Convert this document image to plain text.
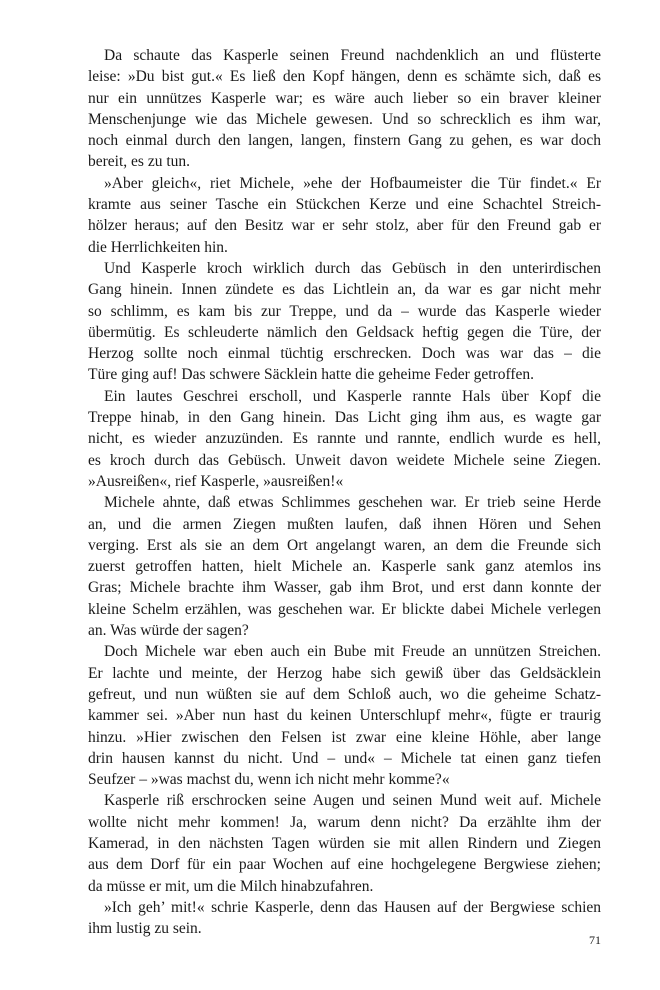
Da schaute das Kasperle seinen Freund nachdenklich an und flüsterte
leise: »Du bist gut.« Es ließ den Kopf hängen, denn es schämte sich, daß es
nur ein unnützes Kasperle war; es wäre auch lieber so ein braver kleiner
Menschenjunge wie das Michele gewesen. Und so schrecklich es ihm war,
noch einmal durch den langen, langen, finstern Gang zu gehen, es war doch
bereit, es zu tun.
»Aber gleich«, riet Michele, »ehe der Hofbaumeister die Tür findet.« Er
kramte aus seiner Tasche ein Stückchen Kerze und eine Schachtel Streich-
hölzer heraus; auf den Besitz war er sehr stolz, aber für den Freund gab er
die Herrlichkeiten hin.
Und Kasperle kroch wirklich durch das Gebüsch in den unterirdischen
Gang hinein. Innen zündete es das Lichtlein an, da war es gar nicht mehr
so schlimm, es kam bis zur Treppe, und da – wurde das Kasperle wieder
übermütig. Es schleuderte nämlich den Geldsack heftig gegen die Türe, der
Herzog sollte noch einmal tüchtig erschrecken. Doch was war das – die
Türe ging auf! Das schwere Säcklein hatte die geheime Feder getroffen.
Ein lautes Geschrei erscholl, und Kasperle rannte Hals über Kopf die
Treppe hinab, in den Gang hinein. Das Licht ging ihm aus, es wagte gar
nicht, es wieder anzuzünden. Es rannte und rannte, endlich wurde es hell,
es kroch durch das Gebüsch. Unweit davon weidete Michele seine Ziegen.
»Ausreißen«, rief Kasperle, »ausreißen!«
Michele ahnte, daß etwas Schlimmes geschehen war. Er trieb seine Herde
an, und die armen Ziegen mußten laufen, daß ihnen Hören und Sehen
verging. Erst als sie an dem Ort angelangt waren, an dem die Freunde sich
zuerst getroffen hatten, hielt Michele an. Kasperle sank ganz atemlos ins
Gras; Michele brachte ihm Wasser, gab ihm Brot, und erst dann konnte der
kleine Schelm erzählen, was geschehen war. Er blickte dabei Michele verlegen
an. Was würde der sagen?
Doch Michele war eben auch ein Bube mit Freude an unnützen Streichen.
Er lachte und meinte, der Herzog habe sich gewiß über das Geldsäcklein
gefreut, und nun wüßten sie auf dem Schloß auch, wo die geheime Schatz-
kammer sei. »Aber nun hast du keinen Unterschlupf mehr«, fügte er traurig
hinzu. »Hier zwischen den Felsen ist zwar eine kleine Höhle, aber lange
drin hausen kannst du nicht. Und – und« – Michele tat einen ganz tiefen
Seufzer – »was machst du, wenn ich nicht mehr komme?«
Kasperle riß erschrocken seine Augen und seinen Mund weit auf. Michele
wollte nicht mehr kommen! Ja, warum denn nicht? Da erzählte ihm der
Kamerad, in den nächsten Tagen würden sie mit allen Rindern und Ziegen
aus dem Dorf für ein paar Wochen auf eine hochgelegene Bergwiese ziehen;
da müsse er mit, um die Milch hinabzufahren.
»Ich geh’ mit!« schrie Kasperle, denn das Hausen auf der Bergwiese schien
ihm lustig zu sein.
71
